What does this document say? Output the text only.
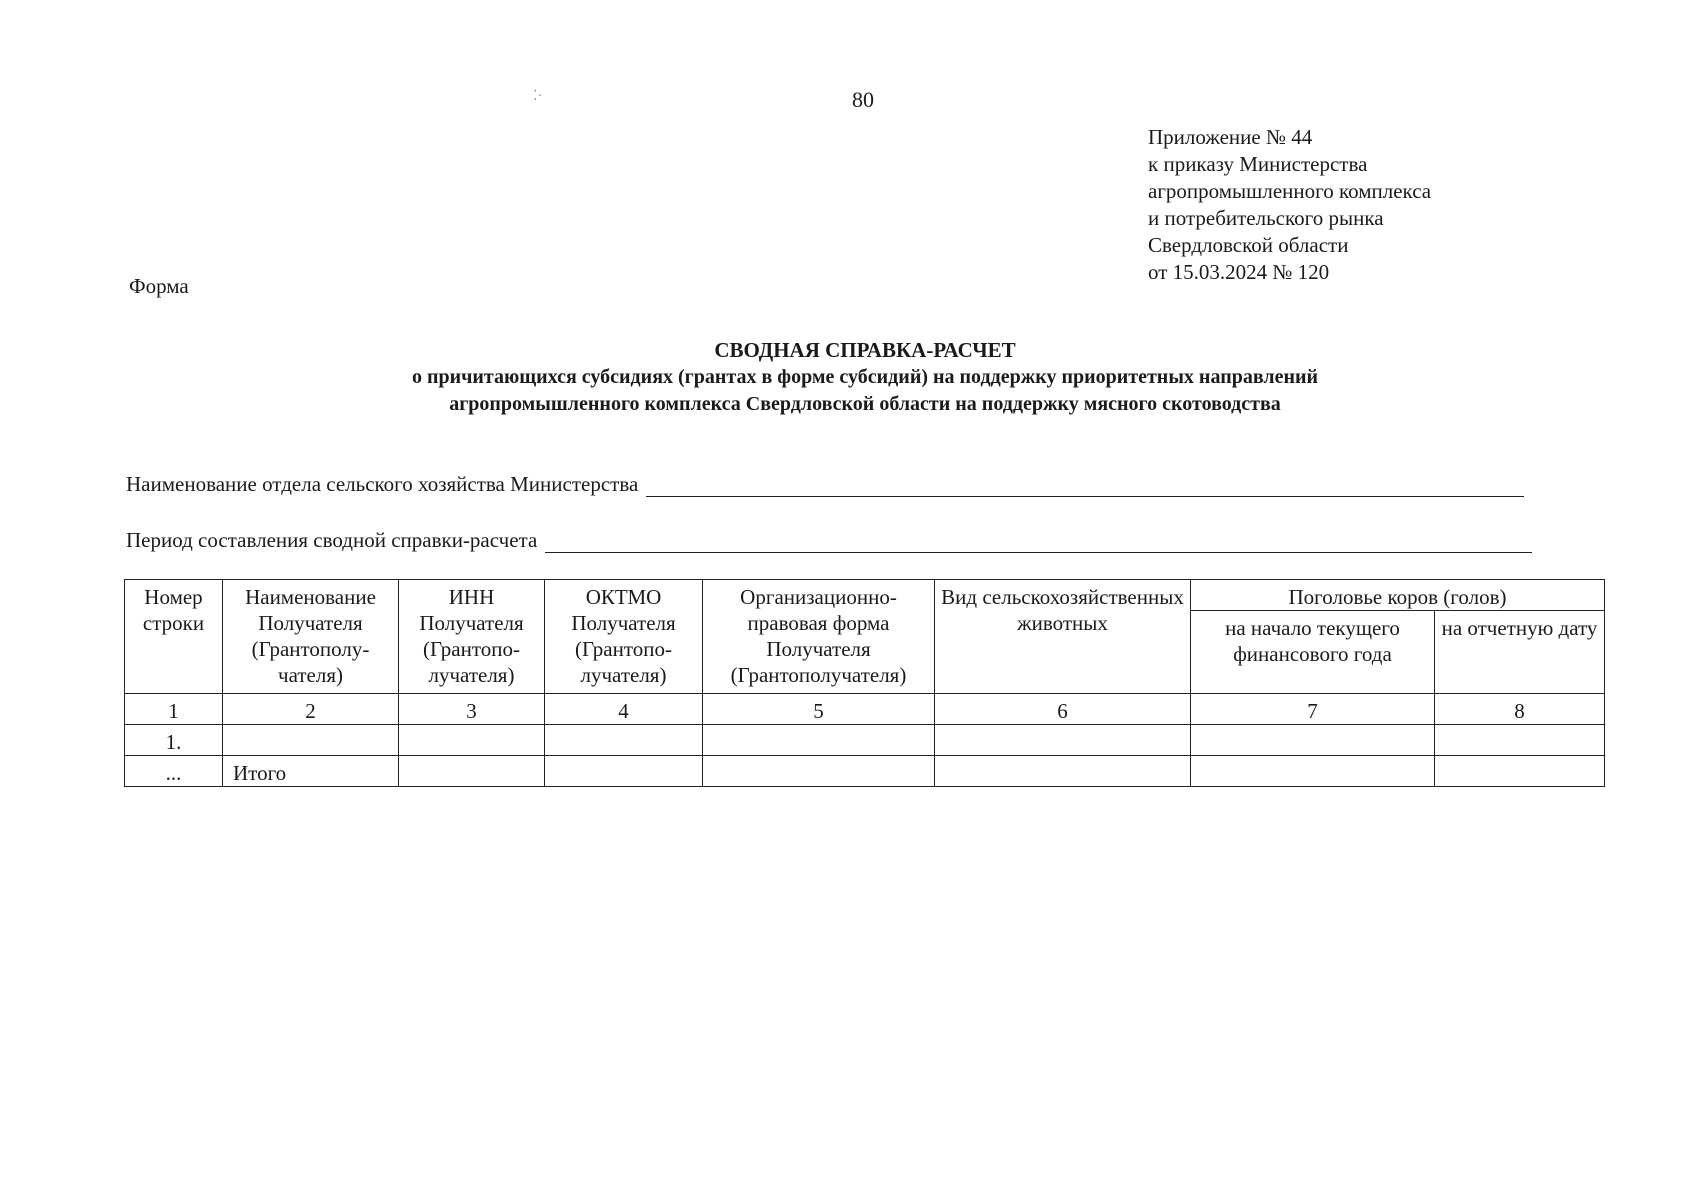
⁚·	80
Приложение № 44
к приказу Министерства
агропромышленного комплекса
и потребительского рынка
Свердловской области
от 15.03.2024 № 120
Форма
СВОДНАЯ СПРАВКА-РАСЧЕТ
о причитающихся субсидиях (грантах в форме субсидий) на поддержку приоритетных направлений
агропромышленного комплекса Свердловской области на поддержку мясного скотоводства
Наименование отдела сельского хозяйства Министерства
Период составления сводной справки-расчета
Номер строки	Наименование Получателя (Грантополу-чателя)	ИНН Получателя (Грантопо-лучателя)	ОКТМО Получателя (Грантопо-лучателя)	Организационно-правовая форма Получателя (Грантополучателя)	Вид сельскохозяйственных животных	Поголовье коров (голов)	
						на начало текущего финансового года	на отчетную дату
1	2	3	4	5	6	7	8
1.							
...	Итого						
